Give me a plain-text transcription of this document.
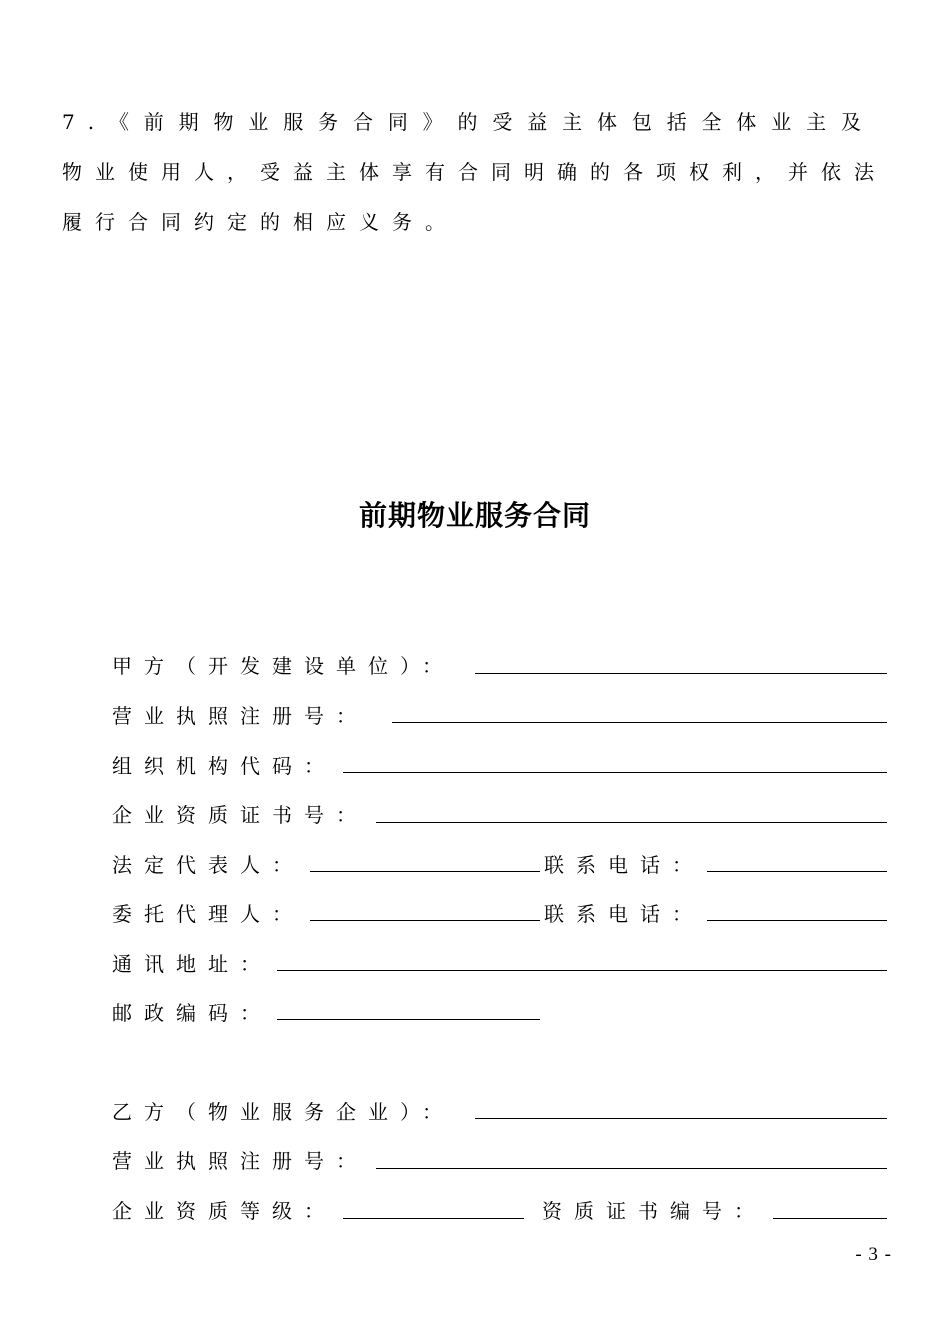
7.《前期物业服务合同》的受益主体包括全体业主及
物业使用人，受益主体享有合同明确的各项权利，并依法
履行合同约定的相应义务。
前期物业服务合同
甲方（开发建设单位）：
营业执照注册号：
组织机构代码：
企业资质证书号：
法定代表人：	联系电话：
委托代理人：	联系电话：
通讯地址：
邮政编码：
乙方（物业服务企业）：
营业执照注册号：
企业资质等级：	资质证书编号：
- 3 -
